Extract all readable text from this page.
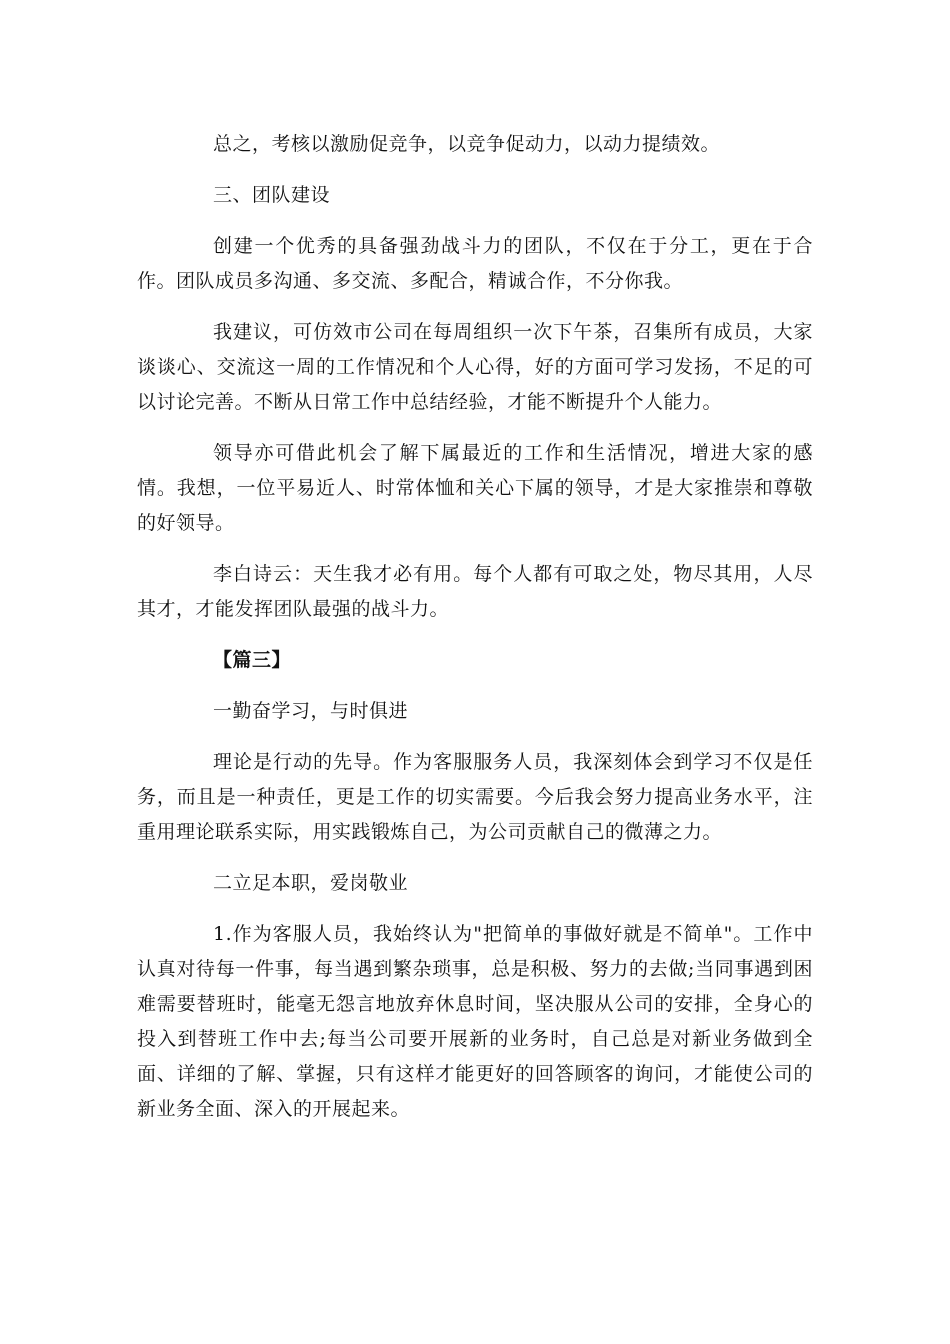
总之，考核以激励促竞争，以竞争促动力，以动力提绩效。

三、团队建设

创建一个优秀的具备强劲战斗力的团队，不仅在于分工，更在于合作。团队成员多沟通、多交流、多配合，精诚合作，不分你我。

我建议，可仿效市公司在每周组织一次下午茶，召集所有成员，大家谈谈心、交流这一周的工作情况和个人心得，好的方面可学习发扬，不足的可以讨论完善。不断从日常工作中总结经验，才能不断提升个人能力。

领导亦可借此机会了解下属最近的工作和生活情况，增进大家的感情。我想，一位平易近人、时常体恤和关心下属的领导，才是大家推崇和尊敬的好领导。

李白诗云：天生我才必有用。每个人都有可取之处，物尽其用，人尽其才，才能发挥团队最强的战斗力。

【篇三】

一勤奋学习，与时俱进

理论是行动的先导。作为客服服务人员，我深刻体会到学习不仅是任务，而且是一种责任，更是工作的切实需要。今后我会努力提高业务水平，注重用理论联系实际，用实践锻炼自己，为公司贡献自己的微薄之力。

二立足本职，爱岗敬业

1.作为客服人员，我始终认为"把简单的事做好就是不简单"。工作中认真对待每一件事，每当遇到繁杂琐事，总是积极、努力的去做;当同事遇到困难需要替班时，能毫无怨言地放弃休息时间，坚决服从公司的安排，全身心的投入到替班工作中去;每当公司要开展新的业务时，自己总是对新业务做到全面、详细的了解、掌握，只有这样才能更好的回答顾客的询问，才能使公司的新业务全面、深入的开展起来。
